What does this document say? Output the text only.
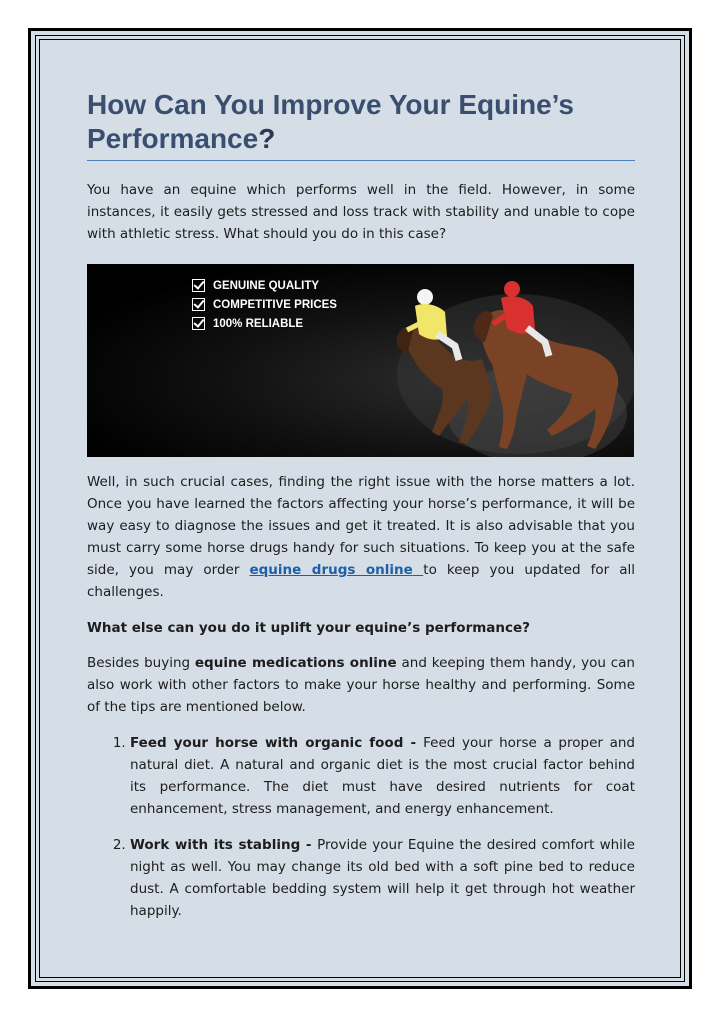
How Can You Improve Your Equine’s Performance?

You have an equine which performs well in the field. However, in some instances, it easily gets stressed and loss track with stability and unable to cope with athletic stress. What should you do in this case?

GENUINE QUALITY
COMPETITIVE PRICES
100% RELIABLE

Well, in such crucial cases, finding the right issue with the horse matters a lot. Once you have learned the factors affecting your horse’s performance, it will be way easy to diagnose the issues and get it treated. It is also advisable that you must carry some horse drugs handy for such situations. To keep you at the safe side, you may order equine drugs online to keep you updated for all challenges.

What else can you do it uplift your equine’s performance?

Besides buying equine medications online and keeping them handy, you can also work with other factors to make your horse healthy and performing. Some of the tips are mentioned below.

1. Feed your horse with organic food - Feed your horse a proper and natural diet. A natural and organic diet is the most crucial factor behind its performance. The diet must have desired nutrients for coat enhancement, stress management, and energy enhancement.
2. Work with its stabling - Provide your Equine the desired comfort while night as well. You may change its old bed with a soft pine bed to reduce dust. A comfortable bedding system will help it get through hot weather happily.
